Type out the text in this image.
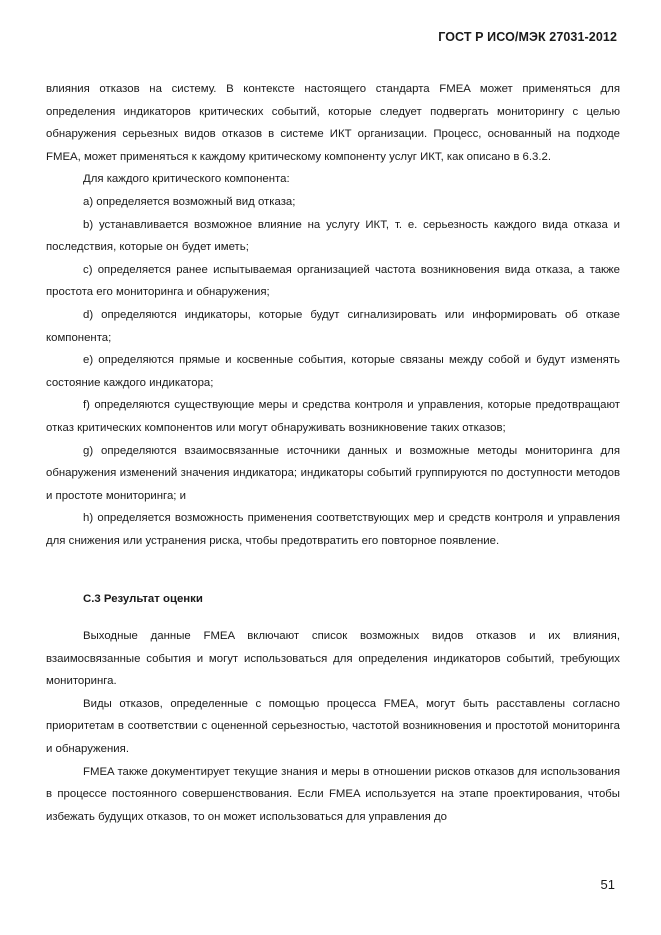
ГОСТ Р ИСО/МЭК 27031-2012

влияния отказов на систему. В контексте настоящего стандарта FMEA может применяться для определения индикаторов критических событий, которые следует подвергать мониторингу с целью обнаружения серьезных видов отказов в системе ИКТ организации. Процесс, основанный на подходе FMEA, может применяться к каждому критическому компоненту услуг ИКТ, как описано в 6.3.2.

Для каждого критического компонента:

a) определяется возможный вид отказа;

b) устанавливается возможное влияние на услугу ИКТ, т. е. серьезность каждого вида отказа и последствия, которые он будет иметь;

c) определяется ранее испытываемая организацией частота возникновения вида отказа, а также простота его мониторинга и обнаружения;

d) определяются индикаторы, которые будут сигнализировать или информировать об отказе компонента;

e) определяются прямые и косвенные события, которые связаны между собой и будут изменять состояние каждого индикатора;

f) определяются существующие меры и средства контроля и управления, которые предотвращают отказ критических компонентов или могут обнаруживать возникновение таких отказов;

g) определяются взаимосвязанные источники данных и возможные методы мониторинга для обнаружения изменений значения индикатора; индикаторы событий группируются по доступности методов и простоте мониторинга; и

h) определяется возможность применения соответствующих мер и средств контроля и управления для снижения или устранения риска, чтобы предотвратить его повторное появление.

С.3 Результат оценки

Выходные данные FMEA включают список возможных видов отказов и их влияния, взаимосвязанные события и могут использоваться для определения индикаторов событий, требующих мониторинга.

Виды отказов, определенные с помощью процесса FMEA, могут быть расставлены согласно приоритетам в соответствии с оцененной серьезностью, частотой возникновения и простотой мониторинга и обнаружения.

FMEA также документирует текущие знания и меры в отношении рисков отказов для использования в процессе постоянного совершенствования. Если FMEA используется на этапе проектирования, чтобы избежать будущих отказов, то он может использоваться для управления до

51
